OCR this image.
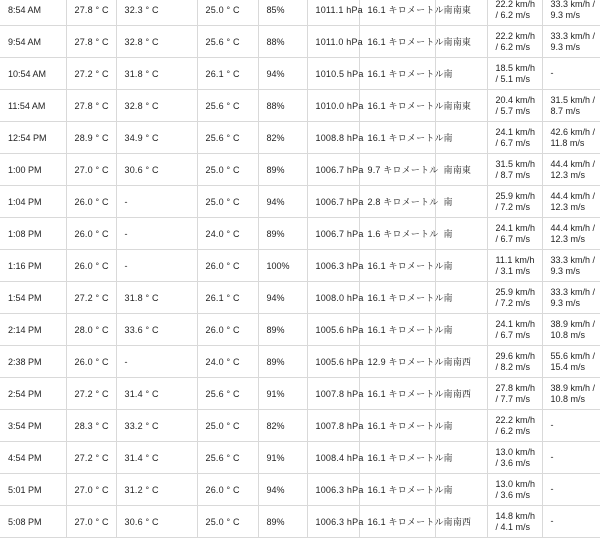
8:54 AM	27.8 ° C	32.3 ° C	25.0 ° C	85%	1011.1 hPa	16.1 キロメートル	南南東	22.2 km/h
/ 6.2 m/s	33.3 km/h /
9.3 m/s

9:54 AM	27.8 ° C	32.8 ° C	25.6 ° C	88%	1011.0 hPa	16.1 キロメートル	南南東	22.2 km/h
/ 6.2 m/s	33.3 km/h /
9.3 m/s

10:54 AM	27.2 ° C	31.8 ° C	26.1 ° C	94%	1010.5 hPa	16.1 キロメートル	南	18.5 km/h
/ 5.1 m/s	-

11:54 AM	27.8 ° C	32.8 ° C	25.6 ° C	88%	1010.0 hPa	16.1 キロメートル	南南東	20.4 km/h
/ 5.7 m/s	31.5 km/h /
8.7 m/s

12:54 PM	28.9 ° C	34.9 ° C	25.6 ° C	82%	1008.8 hPa	16.1 キロメートル	南	24.1 km/h
/ 6.7 m/s	42.6 km/h /
11.8 m/s

1:00 PM	27.0 ° C	30.6 ° C	25.0 ° C	89%	1006.7 hPa	9.7 キロメートル	南南東	31.5 km/h
/ 8.7 m/s	44.4 km/h /
12.3 m/s

1:04 PM	26.0 ° C	-	25.0 ° C	94%	1006.7 hPa	2.8 キロメートル	南	25.9 km/h
/ 7.2 m/s	44.4 km/h /
12.3 m/s

1:08 PM	26.0 ° C	-	24.0 ° C	89%	1006.7 hPa	1.6 キロメートル	南	24.1 km/h
/ 6.7 m/s	44.4 km/h /
12.3 m/s

1:16 PM	26.0 ° C	-	26.0 ° C	100%	1006.3 hPa	16.1 キロメートル	南	11.1 km/h
/ 3.1 m/s	33.3 km/h /
9.3 m/s

1:54 PM	27.2 ° C	31.8 ° C	26.1 ° C	94%	1008.0 hPa	16.1 キロメートル	南	25.9 km/h
/ 7.2 m/s	33.3 km/h /
9.3 m/s

2:14 PM	28.0 ° C	33.6 ° C	26.0 ° C	89%	1005.6 hPa	16.1 キロメートル	南	24.1 km/h
/ 6.7 m/s	38.9 km/h /
10.8 m/s

2:38 PM	26.0 ° C	-	24.0 ° C	89%	1005.6 hPa	12.9 キロメートル	南南西	29.6 km/h
/ 8.2 m/s	55.6 km/h /
15.4 m/s

2:54 PM	27.2 ° C	31.4 ° C	25.6 ° C	91%	1007.8 hPa	16.1 キロメートル	南南西	27.8 km/h
/ 7.7 m/s	38.9 km/h /
10.8 m/s

3:54 PM	28.3 ° C	33.2 ° C	25.0 ° C	82%	1007.8 hPa	16.1 キロメートル	南	22.2 km/h
/ 6.2 m/s	-

4:54 PM	27.2 ° C	31.4 ° C	25.6 ° C	91%	1008.4 hPa	16.1 キロメートル	南	13.0 km/h
/ 3.6 m/s	-

5:01 PM	27.0 ° C	31.2 ° C	26.0 ° C	94%	1006.3 hPa	16.1 キロメートル	南	13.0 km/h
/ 3.6 m/s	-

5:08 PM	27.0 ° C	30.6 ° C	25.0 ° C	89%	1006.3 hPa	16.1 キロメートル	南南西	14.8 km/h
/ 4.1 m/s	-
